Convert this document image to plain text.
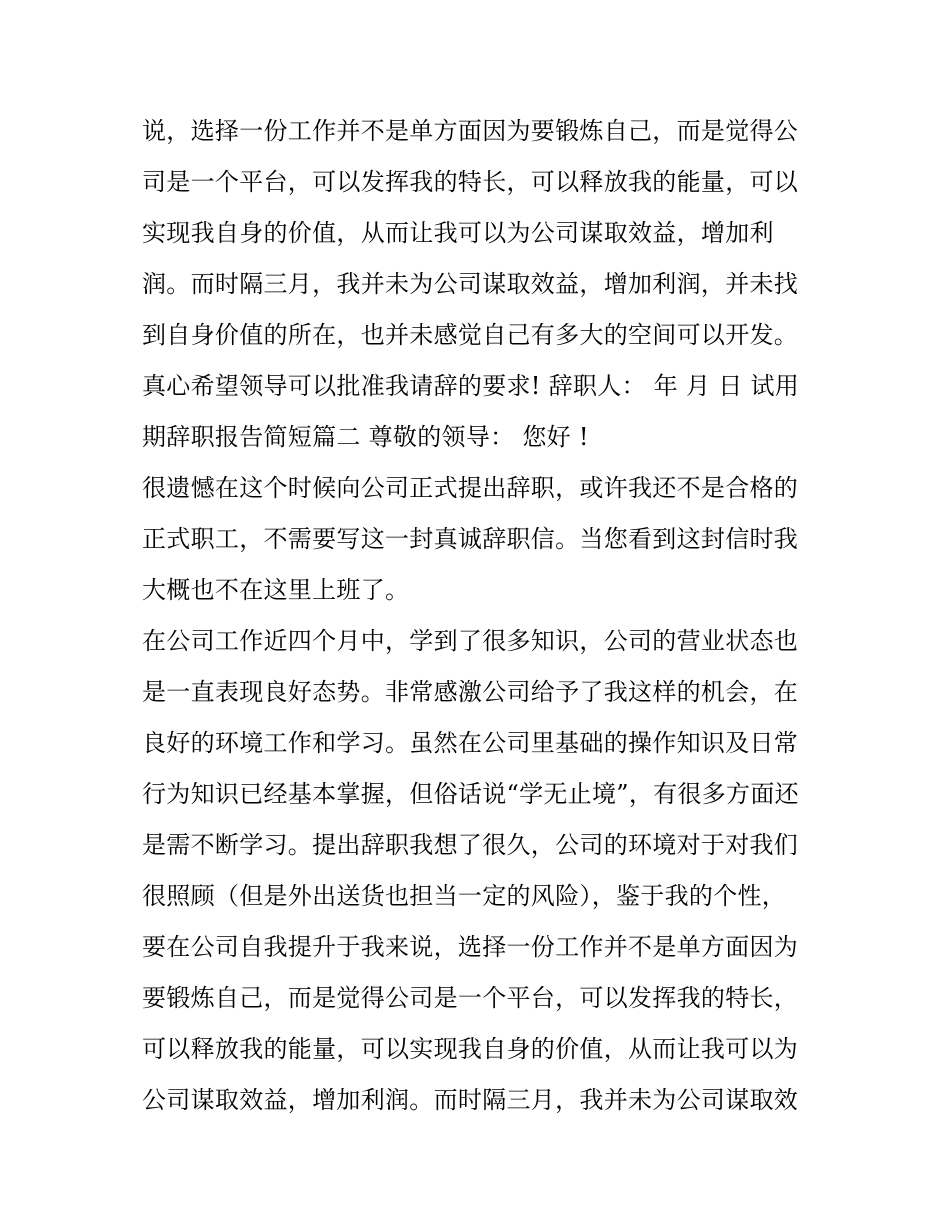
说，选择一份工作并不是单方面因为要锻炼自己，而是觉得公
司是一个平台，可以发挥我的特长，可以释放我的能量，可以
实现我自身的价值，从而让我可以为公司谋取效益，增加利
润。而时隔三月，我并未为公司谋取效益，增加利润，并未找
到自身价值的所在，也并未感觉自己有多大的空间可以开发。
真心希望领导可以批准我请辞的要求! 辞职人： 年 月 日 试用
期辞职报告简短篇二 尊敬的领导： 您好 !
很遗憾在这个时候向公司正式提出辞职，或许我还不是合格的
正式职工，不需要写这一封真诚辞职信。当您看到这封信时我
大概也不在这里上班了。
在公司工作近四个月中，学到了很多知识，公司的营业状态也
是一直表现良好态势。非常感激公司给予了我这样的机会，在
良好的环境工作和学习。虽然在公司里基础的操作知识及日常
行为知识已经基本掌握，但俗话说“学无止境”，有很多方面还
是需不断学习。提出辞职我想了很久，公司的环境对于对我们
很照顾（但是外出送货也担当一定的风险），鉴于我的个性，
要在公司自我提升于我来说，选择一份工作并不是单方面因为
要锻炼自己，而是觉得公司是一个平台，可以发挥我的特长，
可以释放我的能量，可以实现我自身的价值，从而让我可以为
公司谋取效益，增加利润。而时隔三月，我并未为公司谋取效
